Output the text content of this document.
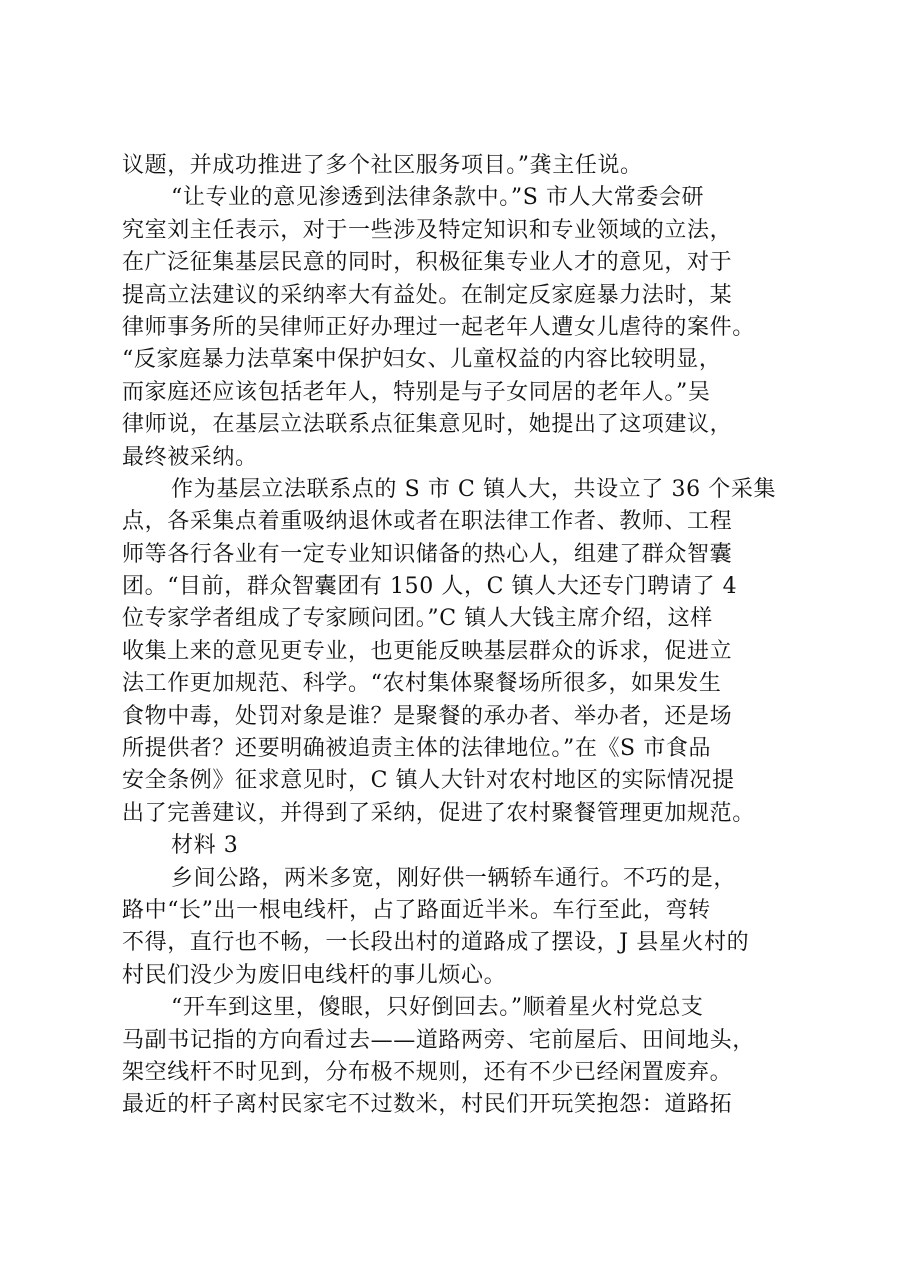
议题，并成功推进了多个社区服务项目。”龚主任说。
“让专业的意见渗透到法律条款中。”S 市人大常委会研
究室刘主任表示，对于一些涉及特定知识和专业领域的立法，
在广泛征集基层民意的同时，积极征集专业人才的意见，对于
提高立法建议的采纳率大有益处。在制定反家庭暴力法时，某
律师事务所的吴律师正好办理过一起老年人遭女儿虐待的案件。
“反家庭暴力法草案中保护妇女、儿童权益的内容比较明显，
而家庭还应该包括老年人，特别是与子女同居的老年人。”吴
律师说，在基层立法联系点征集意见时，她提出了这项建议，
最终被采纳。
作为基层立法联系点的 S 市 C 镇人大，共设立了 36 个采集
点，各采集点着重吸纳退休或者在职法律工作者、教师、工程
师等各行各业有一定专业知识储备的热心人，组建了群众智囊
团。“目前，群众智囊团有 150 人，C 镇人大还专门聘请了 4
位专家学者组成了专家顾问团。”C 镇人大钱主席介绍，这样
收集上来的意见更专业，也更能反映基层群众的诉求，促进立
法工作更加规范、科学。“农村集体聚餐场所很多，如果发生
食物中毒，处罚对象是谁？是聚餐的承办者、举办者，还是场
所提供者？还要明确被追责主体的法律地位。”在《S 市食品
安全条例》征求意见时，C 镇人大针对农村地区的实际情况提
出了完善建议，并得到了采纳，促进了农村聚餐管理更加规范。
材料 3
乡间公路，两米多宽，刚好供一辆轿车通行。不巧的是，
路中“长”出一根电线杆，占了路面近半米。车行至此，弯转
不得，直行也不畅，一长段出村的道路成了摆设，J 县星火村的
村民们没少为废旧电线杆的事儿烦心。
“开车到这里，傻眼，只好倒回去。”顺着星火村党总支
马副书记指的方向看过去——道路两旁、宅前屋后、田间地头，
架空线杆不时见到，分布极不规则，还有不少已经闲置废弃。
最近的杆子离村民家宅不过数米，村民们开玩笑抱怨：道路拓
